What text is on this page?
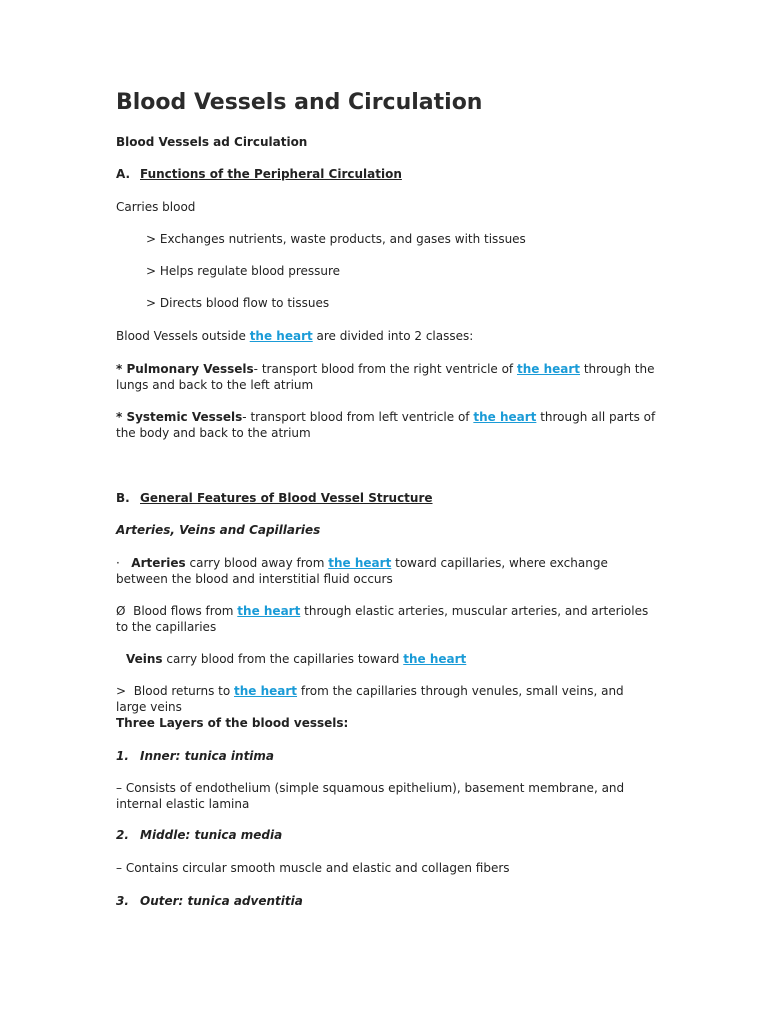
Blood Vessels and Circulation
Blood Vessels ad Circulation
A. Functions of the Peripheral Circulation
Carries blood
> Exchanges nutrients, waste products, and gases with tissues
> Helps regulate blood pressure
> Directs blood flow to tissues
Blood Vessels outside the heart are divided into 2 classes:
* Pulmonary Vessels- transport blood from the right ventricle of the heart through the lungs and back to the left atrium
* Systemic Vessels- transport blood from left ventricle of the heart through all parts of the body and back to the atrium
B. General Features of Blood Vessel Structure
Arteries, Veins and Capillaries
· Arteries carry blood away from the heart toward capillaries, where exchange between the blood and interstitial fluid occurs
Ø Blood flows from the heart through elastic arteries, muscular arteries, and arterioles to the capillaries
Veins carry blood from the capillaries toward the heart
> Blood returns to the heart from the capillaries through venules, small veins, and large veins
Three Layers of the blood vessels:
1. Inner: tunica intima
– Consists of endothelium (simple squamous epithelium), basement membrane, and internal elastic lamina
2. Middle: tunica media
– Contains circular smooth muscle and elastic and collagen fibers
3. Outer: tunica adventitia
